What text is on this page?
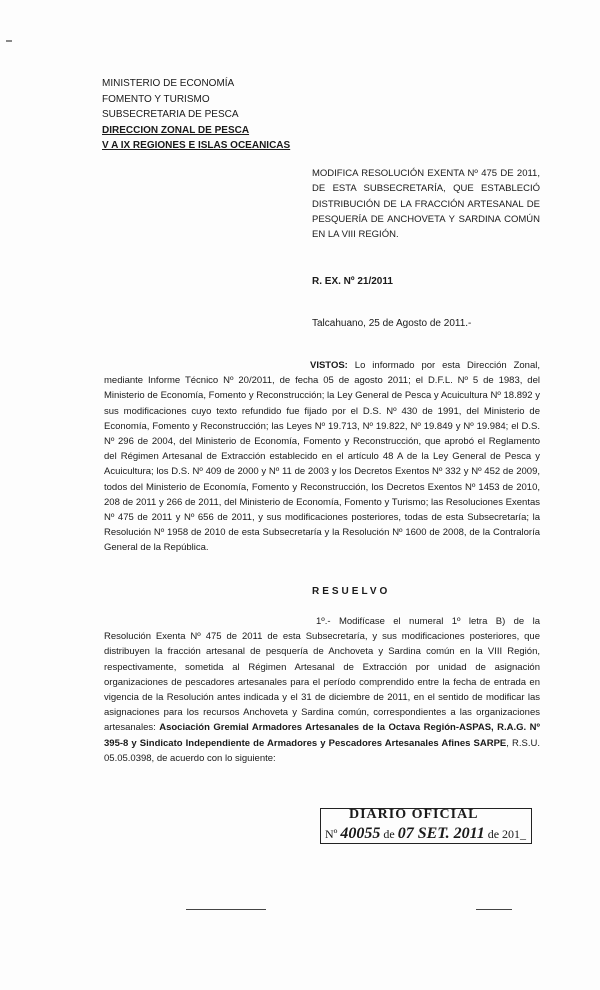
MINISTERIO DE ECONOMÍA
FOMENTO Y TURISMO
SUBSECRETARIA DE PESCA
DIRECCION ZONAL DE PESCA
V A IX REGIONES E ISLAS OCEANICAS
MODIFICA RESOLUCIÓN EXENTA Nº 475 DE 2011, DE ESTA SUBSECRETARÍA, QUE ESTABLECIÓ DISTRIBUCIÓN DE LA FRACCIÓN ARTESANAL DE PESQUERÍA DE ANCHOVETA Y SARDINA COMÚN EN LA VIII REGIÓN.
R. EX. Nº 21/2011
Talcahuano, 25 de Agosto de 2011.-
VISTOS: Lo informado por esta Dirección Zonal, mediante Informe Técnico Nº 20/2011, de fecha 05 de agosto 2011; el D.F.L. Nº 5 de 1983, del Ministerio de Economía, Fomento y Reconstrucción; la Ley General de Pesca y Acuicultura Nº 18.892 y sus modificaciones cuyo texto refundido fue fijado por el D.S. Nº 430 de 1991, del Ministerio de Economía, Fomento y Reconstrucción; las Leyes Nº 19.713, Nº 19.822, Nº 19.849 y Nº 19.984; el D.S. Nº 296 de 2004, del Ministerio de Economía, Fomento y Reconstrucción, que aprobó el Reglamento del Régimen Artesanal de Extracción establecido en el artículo 48 A de la Ley General de Pesca y Acuicultura; los D.S. Nº 409 de 2000 y Nº 11 de 2003 y los Decretos Exentos Nº 332 y Nº 452 de 2009, todos del Ministerio de Economía, Fomento y Reconstrucción, los Decretos Exentos Nº 1453 de 2010, 208 de 2011 y 266 de 2011, del Ministerio de Economía, Fomento y Turismo; las Resoluciones Exentas Nº 475 de 2011 y Nº 656 de 2011, y sus modificaciones posteriores, todas de esta Subsecretaría; la Resolución Nº 1958 de 2010 de esta Subsecretaría y la Resolución Nº 1600 de 2008, de la Contraloría General de la República.
RESUELVO
1º.- Modifícase el numeral 1º letra B) de la Resolución Exenta Nº 475 de 2011 de esta Subsecretaría, y sus modificaciones posteriores, que distribuyen la fracción artesanal de pesquería de Anchoveta y Sardina común en la VIII Región, respectivamente, sometida al Régimen Artesanal de Extracción por unidad de asignación organizaciones de pescadores artesanales para el período comprendido entre la fecha de entrada en vigencia de la Resolución antes indicada y el 31 de diciembre de 2011, en el sentido de modificar las asignaciones para los recursos Anchoveta y Sardina común, correspondientes a las organizaciones artesanales: Asociación Gremial Armadores Artesanales de la Octava Región-ASPAS, R.A.G. Nº 395-8 y Sindicato Independiente de Armadores y Pescadores Artesanales Afines SARPE, R.S.U. 05.05.0398, de acuerdo con lo siguiente:
DIARIO OFICIAL
Nº 40055 de 07 SET. 2011 de 201_
